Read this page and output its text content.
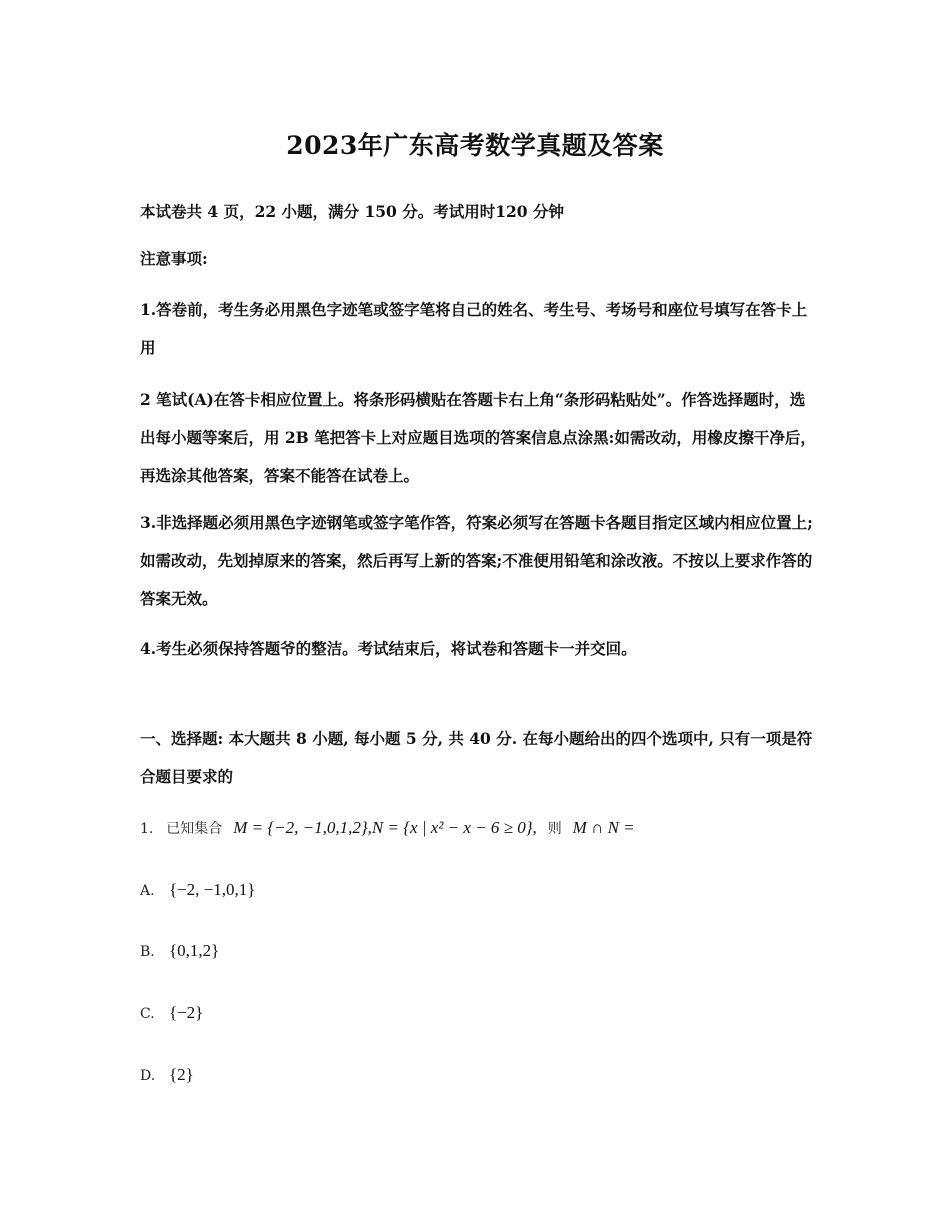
2023年广东高考数学真题及答案

本试卷共 4 页，22 小题，满分 150 分。考试用时120 分钟

注意事项:

1.答卷前，考生务必用黑色字迹笔或签字笔将自己的姓名、考生号、考场号和座位号填写在答卡上用

2 笔试(A)在答卡相应位置上。将条形码横贴在答题卡右上角“条形码粘贴处”。作答选择题时，选出每小题等案后，用 2B 笔把答卡上对应题目选项的答案信息点涂黑:如需改动，用橡皮擦干净后，再选涂其他答案，答案不能答在试卷上。

3.非选择题必须用黑色字迹钢笔或签字笔作答，符案必须写在答题卡各题目指定区域内相应位置上;如需改动，先划掉原来的答案，然后再写上新的答案;不准便用铅笔和涂改液。不按以上要求作答的答案无效。

4.考生必须保持答题爷的整洁。考试结束后，将试卷和答题卡一并交回。

一、选择题: 本大题共 8 小题, 每小题 5 分, 共 40 分. 在每小题给出的四个选项中, 只有一项是符合题目要求的

1. 已知集合 M = {−2, −1,0,1,2},N = {x | x² − x − 6 ≥ 0}, 则 M ∩ N =
A. {−2, −1,0,1}
B. {0,1,2}
C. {−2}
D. {2}
